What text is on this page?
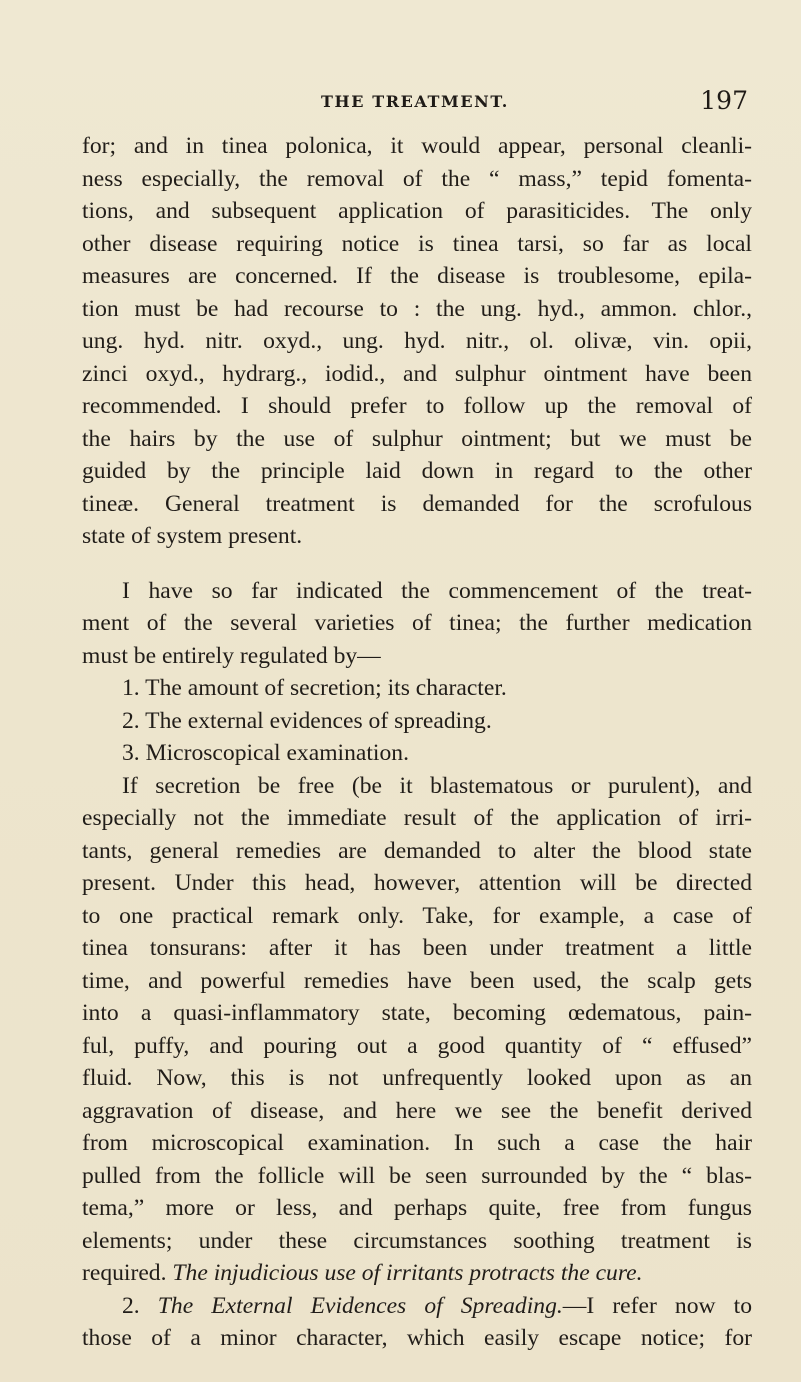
THE TREATMENT.	197

for; and in tinea polonica, it would appear, personal cleanli-

ness especially, the removal of the “ mass,” tepid fomenta-

tions, and subsequent application of parasiticides. The only

other disease requiring notice is tinea tarsi, so far as local

measures are concerned. If the disease is troublesome, epila-

tion must be had recourse to : the ung. hyd., ammon. chlor.,

ung. hyd. nitr. oxyd., ung. hyd. nitr., ol. olivæ, vin. opii,

zinci oxyd., hydrarg., iodid., and sulphur ointment have been

recommended. I should prefer to follow up the removal of

the hairs by the use of sulphur ointment; but we must be

guided by the principle laid down in regard to the other

tineæ. General treatment is demanded for the scrofulous

state of system present.

I have so far indicated the commencement of the treat-

ment of the several varieties of tinea; the further medication

must be entirely regulated by—

1. The amount of secretion; its character.

2. The external evidences of spreading.

3. Microscopical examination.

If secretion be free (be it blastematous or purulent), and

especially not the immediate result of the application of irri-

tants, general remedies are demanded to alter the blood state

present. Under this head, however, attention will be directed

to one practical remark only. Take, for example, a case of

tinea tonsurans: after it has been under treatment a little

time, and powerful remedies have been used, the scalp gets

into a quasi-inflammatory state, becoming œdematous, pain-

ful, puffy, and pouring out a good quantity of “ effused”

fluid. Now, this is not unfrequently looked upon as an

aggravation of disease, and here we see the benefit derived

from microscopical examination. In such a case the hair

pulled from the follicle will be seen surrounded by the “ blas-

tema,” more or less, and perhaps quite, free from fungus

elements; under these circumstances soothing treatment is

required. The injudicious use of irritants protracts the cure.

2. The External Evidences of Spreading.—I refer now to

those of a minor character, which easily escape notice; for
